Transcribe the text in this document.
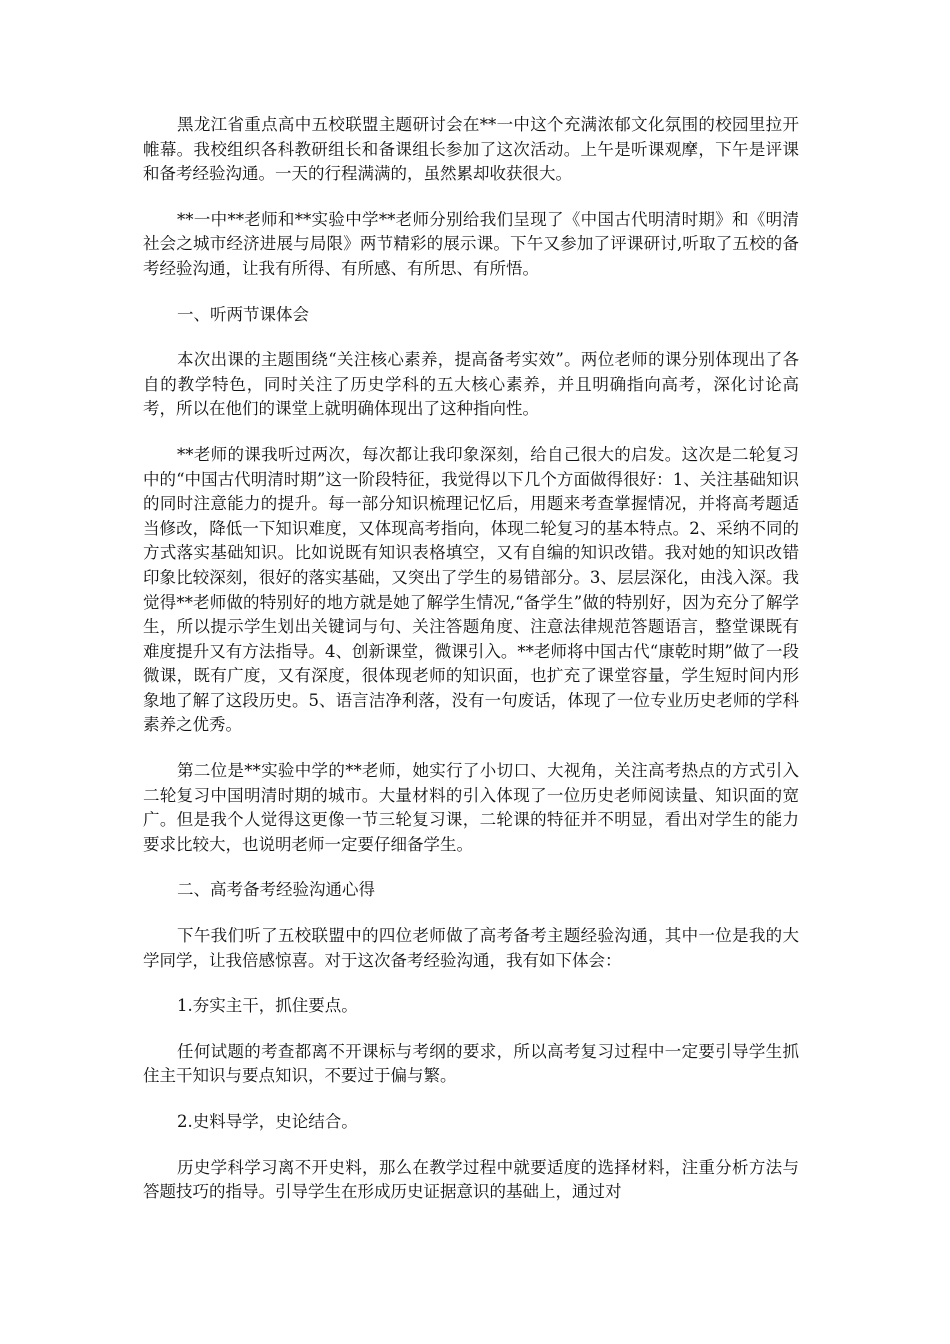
黑龙江省重点高中五校联盟主题研讨会在**一中这个充满浓郁文化氛围的校园里拉开帷幕。我校组织各科教研组长和备课组长参加了这次活动。上午是听课观摩，下午是评课和备考经验沟通。一天的行程满满的，虽然累却收获很大。

**一中**老师和**实验中学**老师分别给我们呈现了《中国古代明清时期》和《明清社会之城市经济进展与局限》两节精彩的展示课。下午又参加了评课研讨,听取了五校的备考经验沟通，让我有所得、有所感、有所思、有所悟。

一、听两节课体会

本次出课的主题围绕“关注核心素养，提高备考实效”。两位老师的课分别体现出了各自的教学特色，同时关注了历史学科的五大核心素养，并且明确指向高考，深化讨论高考，所以在他们的课堂上就明确体现出了这种指向性。

**老师的课我听过两次，每次都让我印象深刻，给自己很大的启发。这次是二轮复习中的“中国古代明清时期”这一阶段特征，我觉得以下几个方面做得很好：1、关注基础知识的同时注意能力的提升。每一部分知识梳理记忆后，用题来考查掌握情况，并将高考题适当修改，降低一下知识难度，又体现高考指向，体现二轮复习的基本特点。2、采纳不同的方式落实基础知识。比如说既有知识表格填空，又有自编的知识改错。我对她的知识改错印象比较深刻，很好的落实基础，又突出了学生的易错部分。3、层层深化，由浅入深。我觉得**老师做的特别好的地方就是她了解学生情况,“备学生”做的特别好，因为充分了解学生，所以提示学生划出关键词与句、关注答题角度、注意法律规范答题语言，整堂课既有难度提升又有方法指导。4、创新课堂，微课引入。**老师将中国古代“康乾时期”做了一段微课，既有广度，又有深度，很体现老师的知识面，也扩充了课堂容量，学生短时间内形象地了解了这段历史。5、语言洁净利落，没有一句废话，体现了一位专业历史老师的学科素养之优秀。

第二位是**实验中学的**老师，她实行了小切口、大视角，关注高考热点的方式引入二轮复习中国明清时期的城市。大量材料的引入体现了一位历史老师阅读量、知识面的宽广。但是我个人觉得这更像一节三轮复习课，二轮课的特征并不明显，看出对学生的能力要求比较大，也说明老师一定要仔细备学生。

二、高考备考经验沟通心得

下午我们听了五校联盟中的四位老师做了高考备考主题经验沟通，其中一位是我的大学同学，让我倍感惊喜。对于这次备考经验沟通，我有如下体会：

1.夯实主干，抓住要点。

任何试题的考查都离不开课标与考纲的要求，所以高考复习过程中一定要引导学生抓住主干知识与要点知识，不要过于偏与繁。

2.史料导学，史论结合。

历史学科学习离不开史料，那么在教学过程中就要适度的选择材料，注重分析方法与答题技巧的指导。引导学生在形成历史证据意识的基础上，通过对
